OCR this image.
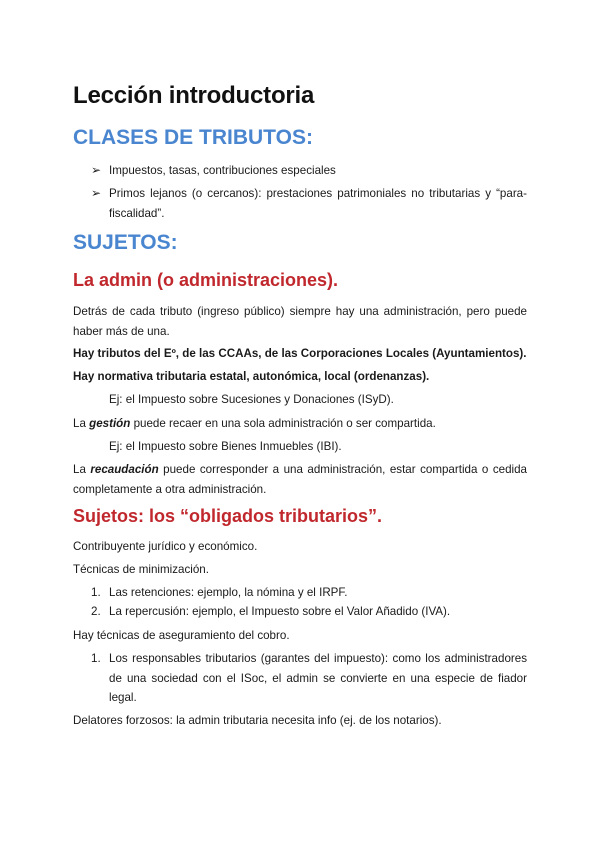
Lección introductoria
CLASES DE TRIBUTOS:
➢ Impuestos, tasas, contribuciones especiales
➢ Primos lejanos (o cercanos): prestaciones patrimoniales no tributarias y “para-fiscalidad”.
SUJETOS:
La admin (o administraciones).

Detrás de cada tributo (ingreso público) siempre hay una administración, pero puede haber más de una.

Hay tributos del Eº, de las CCAAs, de las Corporaciones Locales (Ayuntamientos).

Hay normativa tributaria estatal, autonómica, local (ordenanzas).

Ej: el Impuesto sobre Sucesiones y Donaciones (ISyD).

La gestión puede recaer en una sola administración o ser compartida.

Ej: el Impuesto sobre Bienes Inmuebles (IBI).

La recaudación puede corresponder a una administración, estar compartida o cedida completamente a otra administración.

Sujetos: los “obligados tributarios”.

Contribuyente jurídico y económico.

Técnicas de minimización.

1. Las retenciones: ejemplo, la nómina y el IRPF.
2. La repercusión: ejemplo, el Impuesto sobre el Valor Añadido (IVA).

Hay técnicas de aseguramiento del cobro.

1. Los responsables tributarios (garantes del impuesto): como los administradores de una sociedad con el ISoc, el admin se convierte en una especie de fiador legal.

Delatores forzosos: la admin tributaria necesita info (ej. de los notarios).
